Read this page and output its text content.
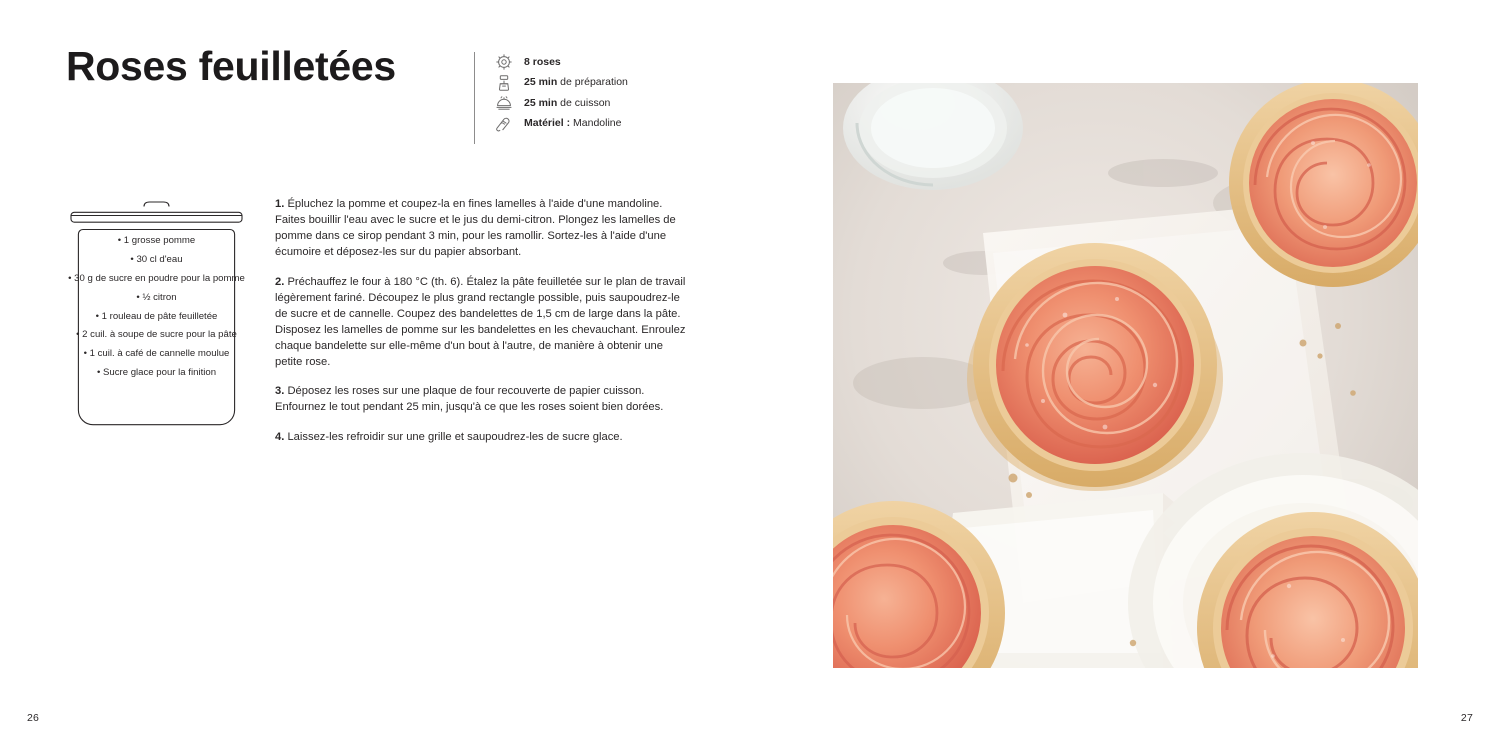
Roses feuilletées	8 roses
25 min de préparation
25 min de cuisson
Matériel : Mandoline
• 1 grosse pomme
• 30 cl d'eau
• 30 g de sucre en poudre pour la pomme
• ½ citron
• 1 rouleau de pâte feuilletée
• 2 cuil. à soupe de sucre pour la pâte
• 1 cuil. à café de cannelle moulue
• Sucre glace pour la finition

1. Épluchez la pomme et coupez-la en fines lamelles à l'aide d'une mandoline. Faites bouillir l'eau avec le sucre et le jus du demi-citron. Plongez les lamelles de pomme dans ce sirop pendant 3 min, pour les ramollir. Sortez-les à l'aide d'une écumoire et déposez-les sur du papier absorbant.

2. Préchauffez le four à 180 °C (th. 6). Étalez la pâte feuilletée sur le plan de travail légèrement fariné. Découpez le plus grand rectangle possible, puis saupoudrez-le de sucre et de cannelle. Coupez des bandelettes de 1,5 cm de large dans la pâte. Disposez les lamelles de pomme sur les bandelettes en les chevauchant. Enroulez chaque bandelette sur elle-même d'un bout à l'autre, de manière à obtenir une petite rose.

3. Déposez les roses sur une plaque de four recouverte de papier cuisson. Enfournez le tout pendant 25 min, jusqu'à ce que les roses soient bien dorées.

4. Laissez-les refroidir sur une grille et saupoudrez-les de sucre glace.

26	27
